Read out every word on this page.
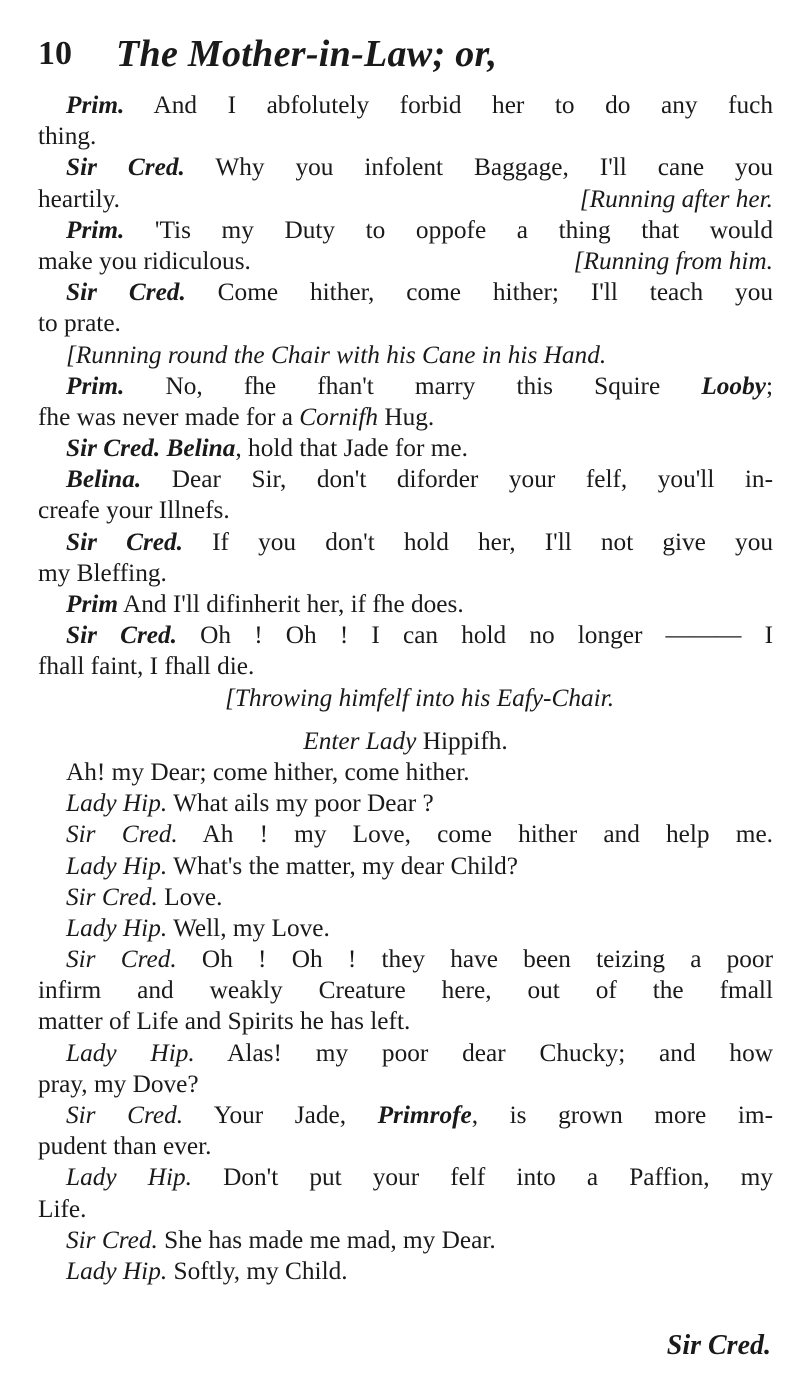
10 The Mother-in-Law; or,
Prim. And I abfolutely forbid her to do any fuch
thing.
Sir Cred. Why you infolent Baggage, I'll cane you
heartily.	[Running after her.
Prim. 'Tis my Duty to oppofe a thing that would
make you ridiculous.	[Running from him.
Sir Cred. Come hither, come hither; I'll teach you
to prate.
[Running round the Chair with his Cane in his Hand.
Prim. No, fhe fhan't marry this Squire Looby;
fhe was never made for a Cornifh Hug.
Sir Cred. Belina, hold that Jade for me.
Belina. Dear Sir, don't diforder your felf, you'll in-
creafe your Illnefs.
Sir Cred. If you don't hold her, I'll not give you
my Bleffing.
Prim And I'll difinherit her, if fhe does.
Sir Cred. Oh ! Oh ! I can hold no longer ——— I
fhall faint, I fhall die.
[Throwing himfelf into his Eafy-Chair.
Enter Lady Hippifh.
Ah! my Dear; come hither, come hither.
Lady Hip. What ails my poor Dear ?
Sir Cred. Ah ! my Love, come hither and help me.
Lady Hip. What's the matter, my dear Child?
Sir Cred. Love.
Lady Hip. Well, my Love.
Sir Cred. Oh ! Oh ! they have been teizing a poor
infirm and weakly Creature here, out of the fmall
matter of Life and Spirits he has left.
Lady Hip. Alas! my poor dear Chucky; and how
pray, my Dove?
Sir Cred. Your Jade, Primrofe, is grown more im-
pudent than ever.
Lady Hip. Don't put your felf into a Paffion, my
Life.
Sir Cred. She has made me mad, my Dear.
Lady Hip. Softly, my Child.
Sir Cred.
